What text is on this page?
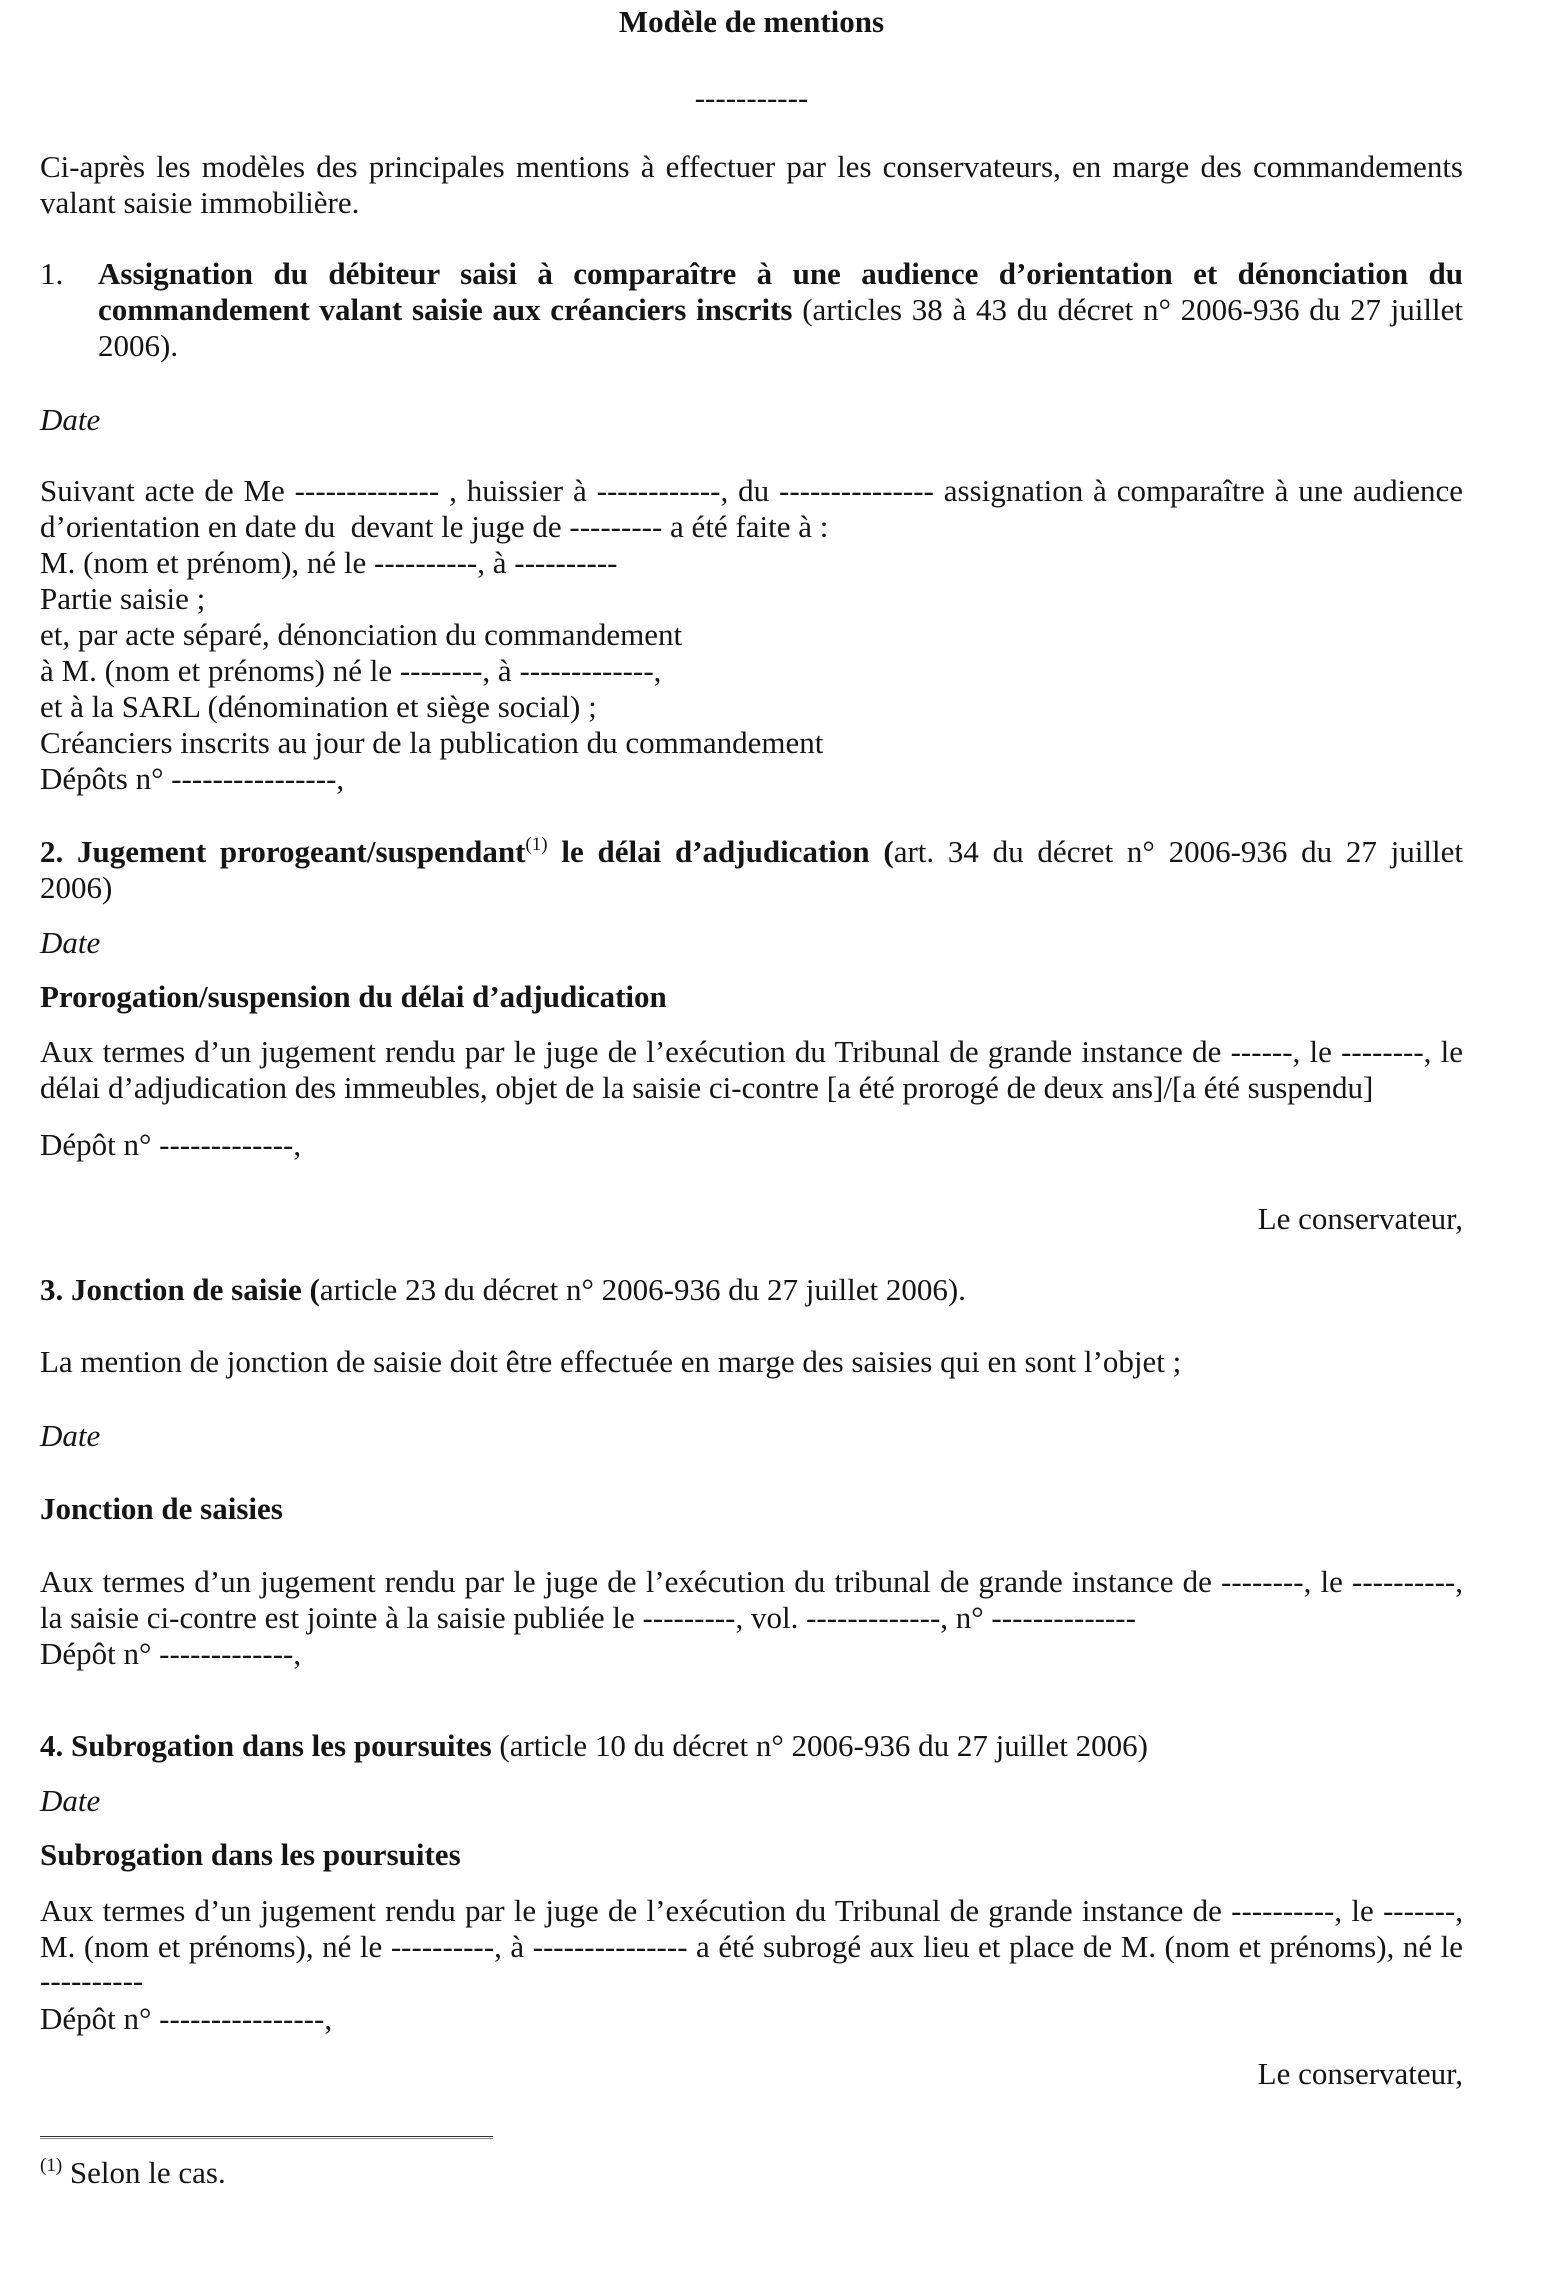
Modèle de mentions
-----------
Ci-après les modèles des principales mentions à effectuer par les conservateurs, en marge des commandements
valant saisie immobilière.
1.	Assignation du débiteur saisi à comparaître à une audience d’orientation et dénonciation du
commandement valant saisie aux créanciers inscrits (articles 38 à 43 du décret n° 2006-936 du 27 juillet
2006).
Date
Suivant acte de Me -------------- , huissier à ------------, du --------------- assignation à comparaître à une audience
d’orientation en date du  devant le juge de --------- a été faite à :
M. (nom et prénom), né le ----------, à ----------
Partie saisie ;
et, par acte séparé, dénonciation du commandement
à M. (nom et prénoms) né le --------, à -------------,
et à la SARL (dénomination et siège social) ;
Créanciers inscrits au jour de la publication du commandement
Dépôts n° ----------------,
2. Jugement prorogeant/suspendant$^{(1)}$ le délai d’adjudication (art. 34 du décret n° 2006-936 du 27 juillet
2006)
Date
Prorogation/suspension du délai d’adjudication
Aux termes d’un jugement rendu par le juge de l’exécution du Tribunal de grande instance de ------, le --------, le
délai d’adjudication des immeubles, objet de la saisie ci-contre [a été prorogé de deux ans]/[a été suspendu]
Dépôt n° -------------,
Le conservateur,
3. Jonction de saisie (article 23 du décret n° 2006-936 du 27 juillet 2006).
La mention de jonction de saisie doit être effectuée en marge des saisies qui en sont l’objet ;
Date
Jonction de saisies
Aux termes d’un jugement rendu par le juge de l’exécution du tribunal de grande instance de --------, le ----------,
la saisie ci-contre est jointe à la saisie publiée le ---------, vol. -------------, n° --------------
Dépôt n° -------------,
4. Subrogation dans les poursuites (article 10 du décret n° 2006-936 du 27 juillet 2006)
Date
Subrogation dans les poursuites
Aux termes d’un jugement rendu par le juge de l’exécution du Tribunal de grande instance de ----------, le -------,
M. (nom et prénoms), né le ----------, à --------------- a été subrogé aux lieu et place de M. (nom et prénoms), né le
----------
Dépôt n° ----------------,
Le conservateur,
$^{(1)}$ Selon le cas.
